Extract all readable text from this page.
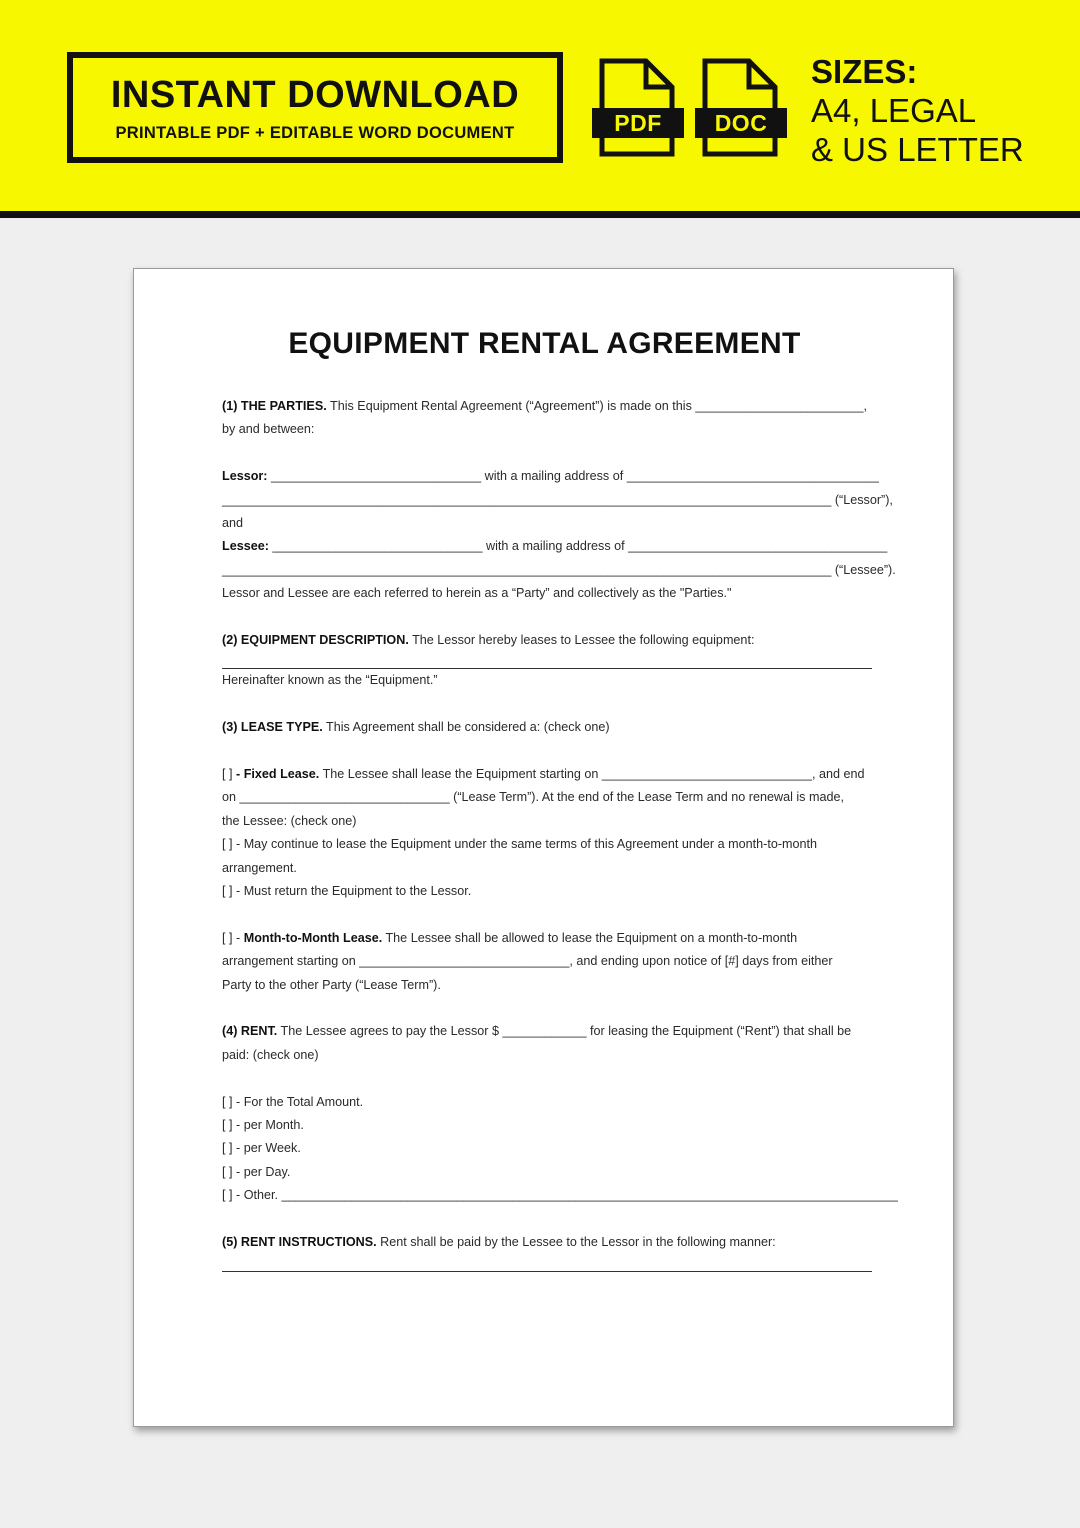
INSTANT DOWNLOAD
PRINTABLE PDF + EDITABLE WORD DOCUMENT	PDF	DOC
SIZES:
A4, LEGAL
& US LETTER
EQUIPMENT RENTAL AGREEMENT

(1) THE PARTIES. This Equipment Rental Agreement (“Agreement”) is made on this ________________________,

by and between:

Lessor: ______________________________ with a mailing address of ____________________________________

_______________________________________________________________________________________ (“Lessor”),

and

Lessee: ______________________________ with a mailing address of _____________________________________

_______________________________________________________________________________________ (“Lessee”).

Lessor and Lessee are each referred to herein as a “Party” and collectively as the "Parties."

(2) EQUIPMENT DESCRIPTION. The Lessor hereby leases to Lessee the following equipment:

Hereinafter known as the “Equipment.”

(3) LEASE TYPE. This Agreement shall be considered a: (check one)

[ ] - Fixed Lease. The Lessee shall lease the Equipment starting on ______________________________, and end

on ______________________________ (“Lease Term”). At the end of the Lease Term and no renewal is made,

the Lessee: (check one)

[ ] - May continue to lease the Equipment under the same terms of this Agreement under a month-to-month

arrangement.

[ ] - Must return the Equipment to the Lessor.

[ ] - Month-to-Month Lease. The Lessee shall be allowed to lease the Equipment on a month-to-month

arrangement starting on ______________________________, and ending upon notice of [#] days from either

Party to the other Party (“Lease Term”).

(4) RENT. The Lessee agrees to pay the Lessor $ ____________ for leasing the Equipment (“Rent”) that shall be

paid: (check one)

[ ] - For the Total Amount.

[ ] - per Month.

[ ] - per Week.

[ ] - per Day.

[ ] - Other. ________________________________________________________________________________________

(5) RENT INSTRUCTIONS. Rent shall be paid by the Lessee to the Lessor in the following manner:
